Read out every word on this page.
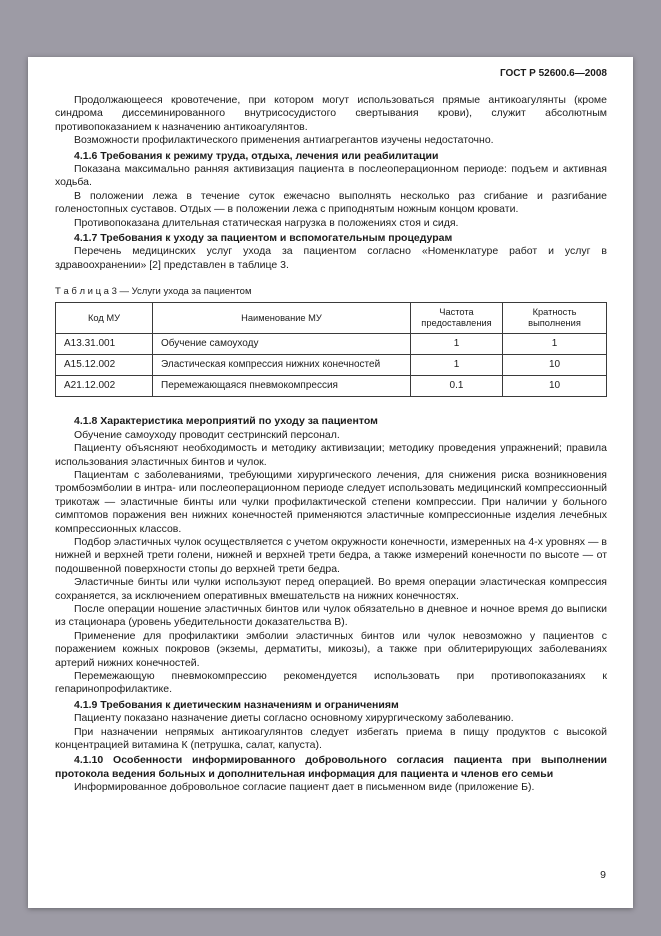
ГОСТ Р 52600.6—2008

Продолжающееся кровотечение, при котором могут использоваться прямые антикоагулянты (кроме синдрома диссеминированного внутрисосудистого свертывания крови), служит абсолютным противопоказанием к назначению антикоагулянтов.

Возможности профилактического применения антиагрегантов изучены недостаточно.

4.1.6 Требования к режиму труда, отдыха, лечения или реабилитации

Показана максимально ранняя активизация пациента в послеоперационном периоде: подъем и активная ходьба.

В положении лежа в течение суток ежечасно выполнять несколько раз сгибание и разгибание голеностопных суставов. Отдых — в положении лежа с приподнятым ножным концом кровати.

Противопоказана длительная статическая нагрузка в положениях стоя и сидя.

4.1.7 Требования к уходу за пациентом и вспомогательным процедурам

Перечень медицинских услуг ухода за пациентом согласно «Номенклатуре работ и услуг в здравоохранении» [2] представлен в таблице 3.

Т а б л и ц а 3 — Услуги ухода за пациентом
Код МУ	Наименование МУ	Частота предоставления	Кратность выполнения
A13.31.001	Обучение самоуходу	1	1
A15.12.002	Эластическая компрессия нижних конечностей	1	10
A21.12.002	Перемежающаяся пневмокомпрессия	0.1	10

4.1.8 Характеристика мероприятий по уходу за пациентом

Обучение самоуходу проводит сестринский персонал.

Пациенту объясняют необходимость и методику активизации; методику проведения упражнений; правила использования эластичных бинтов и чулок.

Пациентам с заболеваниями, требующими хирургического лечения, для снижения риска возникновения тромбоэмболии в интра- или послеоперационном периоде следует использовать медицинский компрессионный трикотаж — эластичные бинты или чулки профилактической степени компрессии. При наличии у больного симптомов поражения вен нижних конечностей применяются эластичные компрессионные изделия лечебных компрессионных классов.

Подбор эластичных чулок осуществляется с учетом окружности конечности, измеренных на 4-х уровнях — в нижней и верхней трети голени, нижней и верхней трети бедра, а также измерений конечности по высоте — от подошвенной поверхности стопы до верхней трети бедра.

Эластичные бинты или чулки используют перед операцией. Во время операции эластическая компрессия сохраняется, за исключением оперативных вмешательств на нижних конечностях.

После операции ношение эластичных бинтов или чулок обязательно в дневное и ночное время до выписки из стационара (уровень убедительности доказательства В).

Применение для профилактики эмболии эластичных бинтов или чулок невозможно у пациентов с поражением кожных покровов (экземы, дерматиты, микозы), а также при облитерирующих заболеваниях артерий нижних конечностей.

Перемежающую пневмокомпрессию рекомендуется использовать при противопоказаниях к гепаринопрофилактике.

4.1.9 Требования к диетическим назначениям и ограничениям

Пациенту показано назначение диеты согласно основному хирургическому заболеванию.

При назначении непрямых антикоагулянтов следует избегать приема в пищу продуктов с высокой концентрацией витамина К (петрушка, салат, капуста).

4.1.10 Особенности информированного добровольного согласия пациента при выполнении протокола ведения больных и дополнительная информация для пациента и членов его семьи

Информированное добровольное согласие пациент дает в письменном виде (приложение Б).

9
